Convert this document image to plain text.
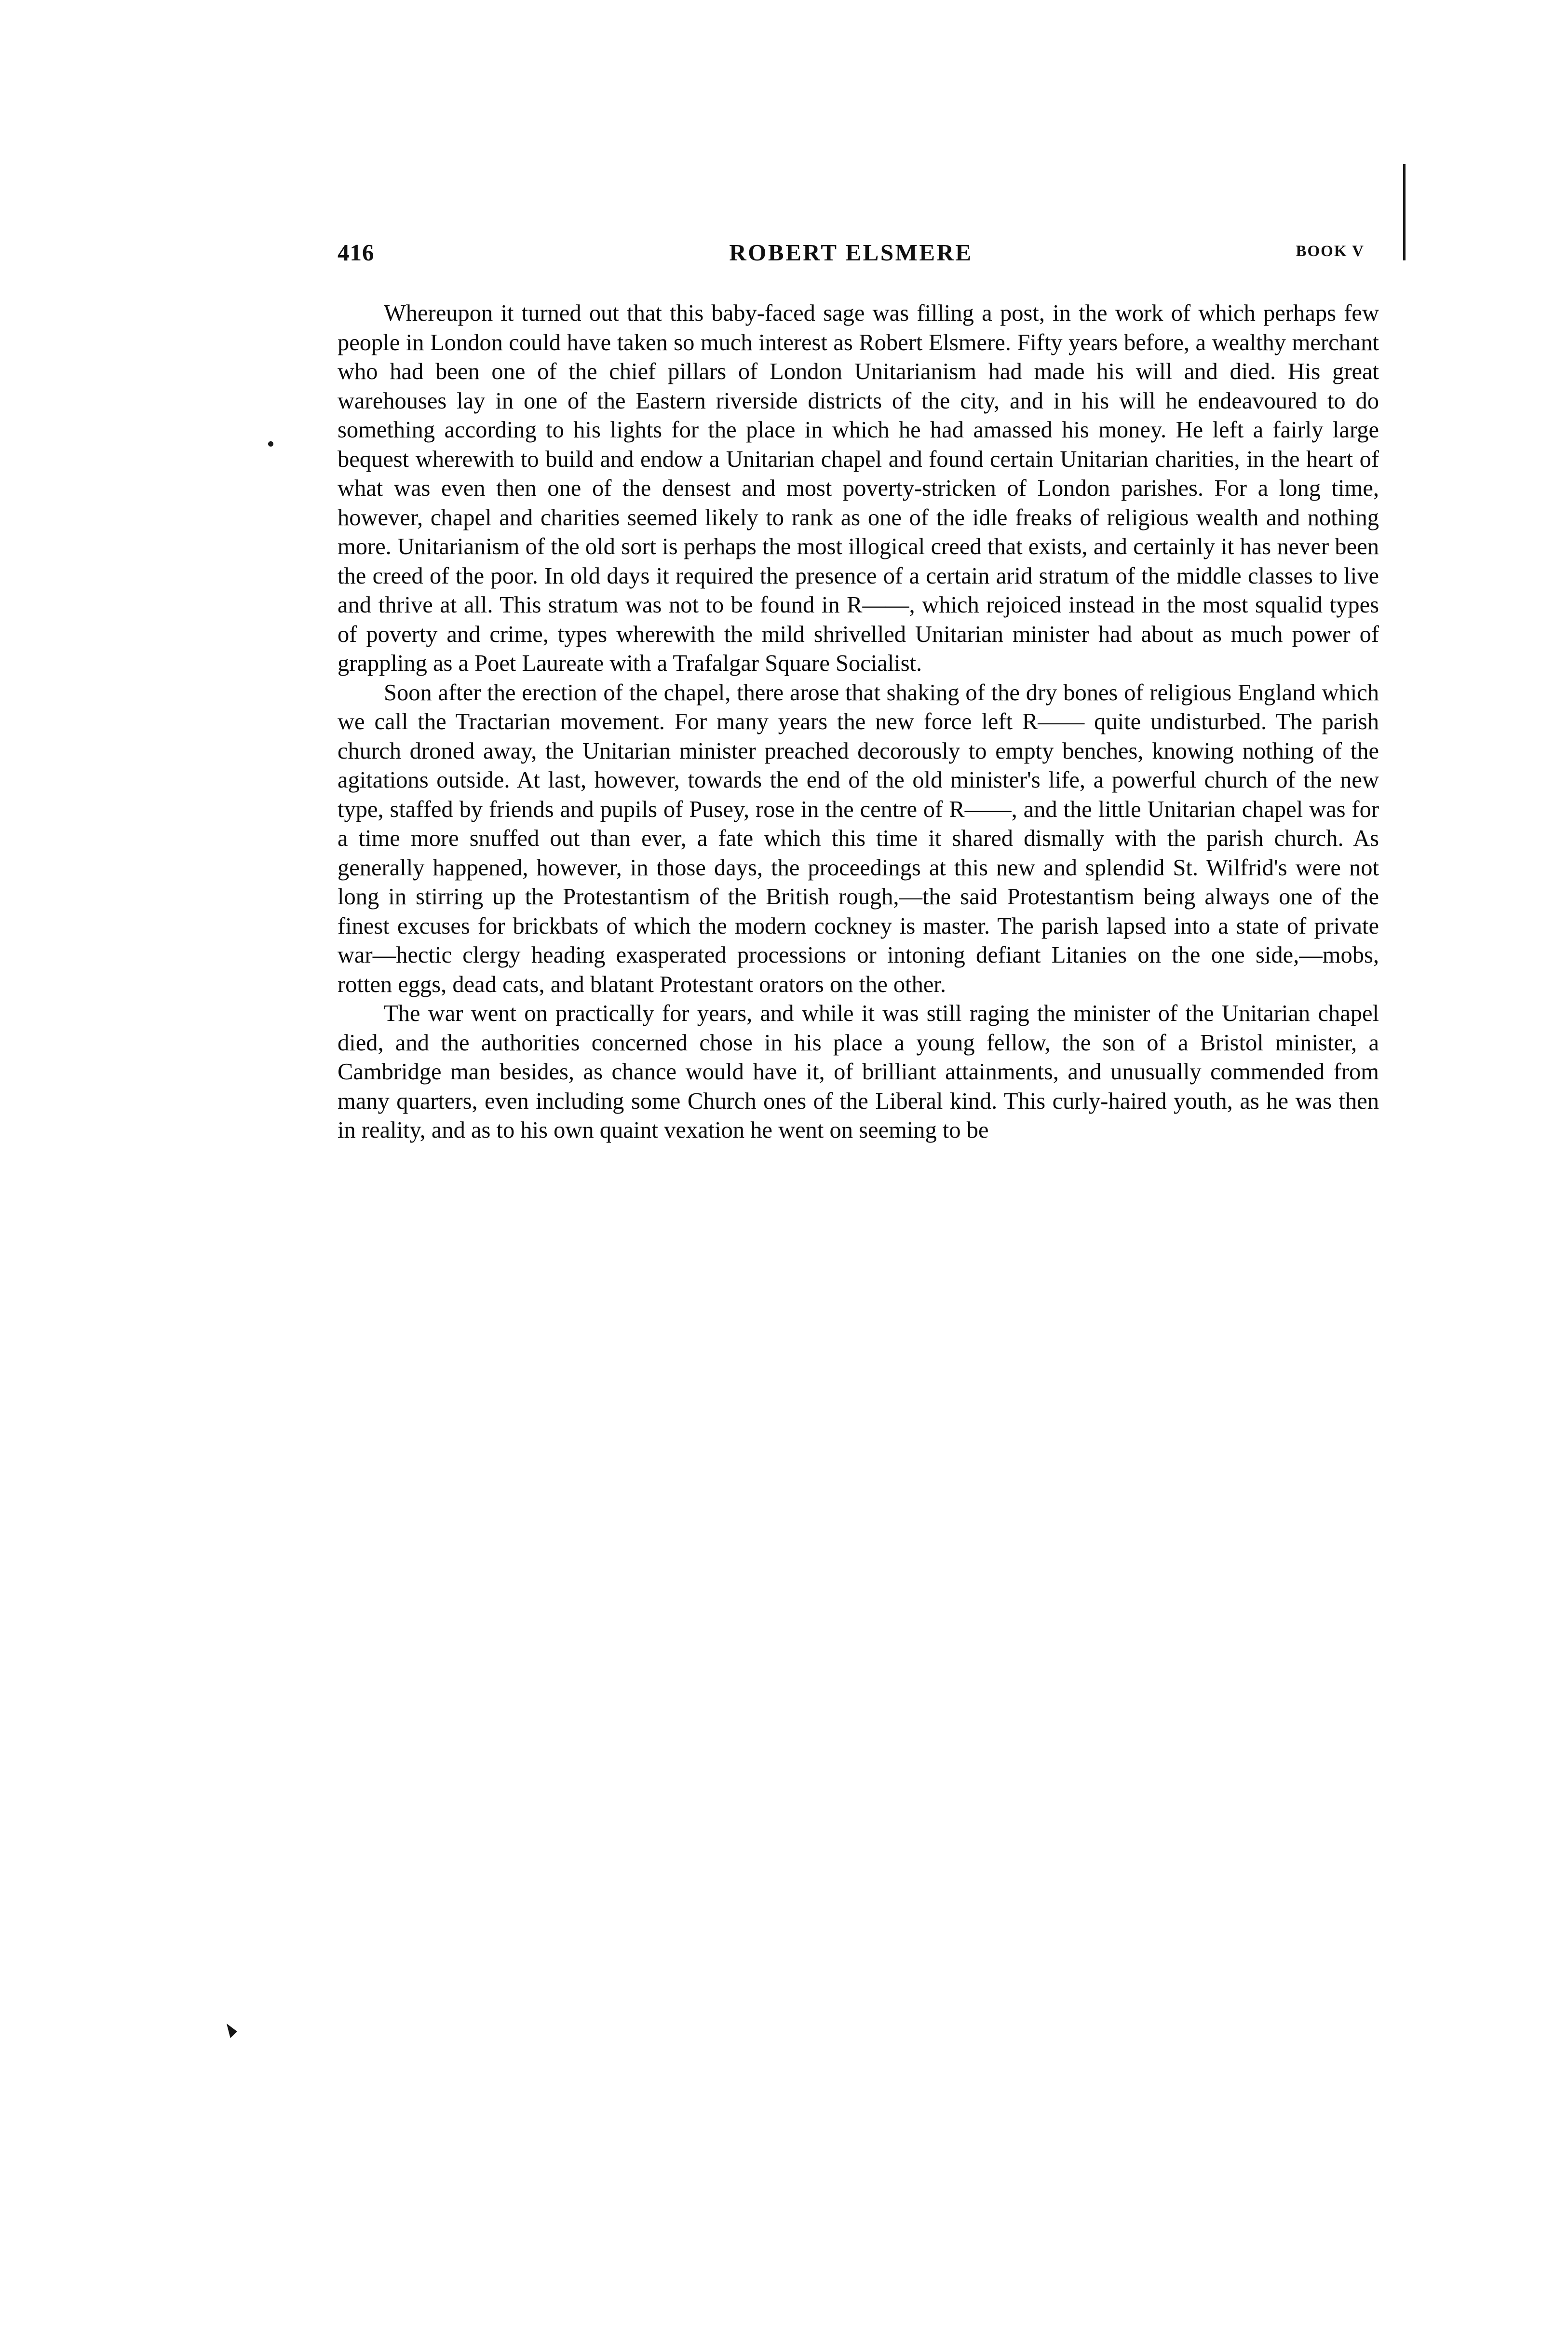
416	ROBERT ELSMERE	BOOK V

Whereupon it turned out that this baby-faced sage was filling a post, in the work of which perhaps few people in London could have taken so much interest as Robert Elsmere. Fifty years before, a wealthy merchant who had been one of the chief pillars of London Unitarianism had made his will and died. His great warehouses lay in one of the Eastern riverside districts of the city, and in his will he endeavoured to do something according to his lights for the place in which he had amassed his money. He left a fairly large bequest wherewith to build and endow a Unitarian chapel and found certain Unitarian charities, in the heart of what was even then one of the densest and most poverty-stricken of London parishes. For a long time, however, chapel and charities seemed likely to rank as one of the idle freaks of religious wealth and nothing more. Unitarianism of the old sort is perhaps the most illogical creed that exists, and certainly it has never been the creed of the poor. In old days it required the presence of a certain arid stratum of the middle classes to live and thrive at all. This stratum was not to be found in R——, which rejoiced instead in the most squalid types of poverty and crime, types wherewith the mild shrivelled Unitarian minister had about as much power of grappling as a Poet Laureate with a Trafalgar Square Socialist.

Soon after the erection of the chapel, there arose that shaking of the dry bones of religious England which we call the Tractarian movement. For many years the new force left R—— quite undisturbed. The parish church droned away, the Unitarian minister preached decorously to empty benches, knowing nothing of the agitations outside. At last, however, towards the end of the old minister's life, a powerful church of the new type, staffed by friends and pupils of Pusey, rose in the centre of R——, and the little Unitarian chapel was for a time more snuffed out than ever, a fate which this time it shared dismally with the parish church. As generally happened, however, in those days, the proceedings at this new and splendid St. Wilfrid's were not long in stirring up the Protestantism of the British rough,—the said Protestantism being always one of the finest excuses for brickbats of which the modern cockney is master. The parish lapsed into a state of private war—hectic clergy heading exasperated processions or intoning defiant Litanies on the one side,—mobs, rotten eggs, dead cats, and blatant Protestant orators on the other.

The war went on practically for years, and while it was still raging the minister of the Unitarian chapel died, and the authorities concerned chose in his place a young fellow, the son of a Bristol minister, a Cambridge man besides, as chance would have it, of brilliant attainments, and unusually commended from many quarters, even including some Church ones of the Liberal kind. This curly-haired youth, as he was then in reality, and as to his own quaint vexation he went on seeming to be
